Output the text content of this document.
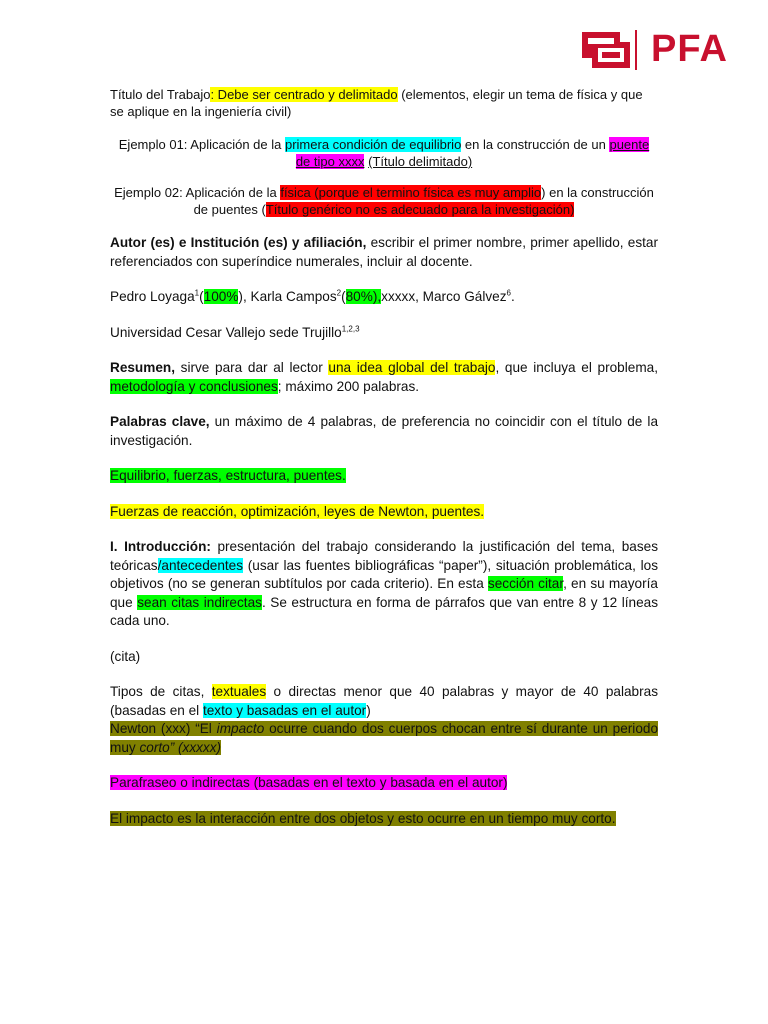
PFA

Título del Trabajo: Debe ser centrado y delimitado (elementos, elegir un tema de física y que se aplique en la ingeniería civil)

Ejemplo 01: Aplicación de la primera condición de equilibrio en la construcción de un puente de tipo xxxx (Título delimitado)

Ejemplo 02: Aplicación de la física (porque el termino física es muy amplio) en la construcción de puentes (Título genérico no es adecuado para la investigación)

Autor (es) e Institución (es) y afiliación, escribir el primer nombre, primer apellido, estar referenciados con superíndice numerales, incluir al docente.

Pedro Loyaga$^1$(100%), Karla Campos$^2$(80%),xxxxx, Marco Gálvez$^6$.

Universidad Cesar Vallejo sede Trujillo$^{1,2,3}$

Resumen, sirve para dar al lector una idea global del trabajo, que incluya el problema, metodología y conclusiones; máximo 200 palabras.

Palabras clave, un máximo de 4 palabras, de preferencia no coincidir con el título de la investigación.

Equilibrio, fuerzas, estructura, puentes.

Fuerzas de reacción, optimización, leyes de Newton, puentes.

I. Introducción: presentación del trabajo considerando la justificación del tema, bases teóricas/antecedentes (usar las fuentes bibliográficas “paper”), situación problemática, los objetivos (no se generan subtítulos por cada criterio). En esta sección citar, en su mayoría que sean citas indirectas. Se estructura en forma de párrafos que van entre 8 y 12 líneas cada uno.

(cita)

Tipos de citas, textuales o directas menor que 40 palabras y mayor de 40 palabras (basadas en el texto y basadas en el autor)

Newton (xxx) “El impacto ocurre cuando dos cuerpos chocan entre sí durante un periodo muy corto” (xxxxx)

Parafraseo o indirectas (basadas en el texto y basada en el autor)

El impacto es la interacción entre dos objetos y esto ocurre en un tiempo muy corto.
